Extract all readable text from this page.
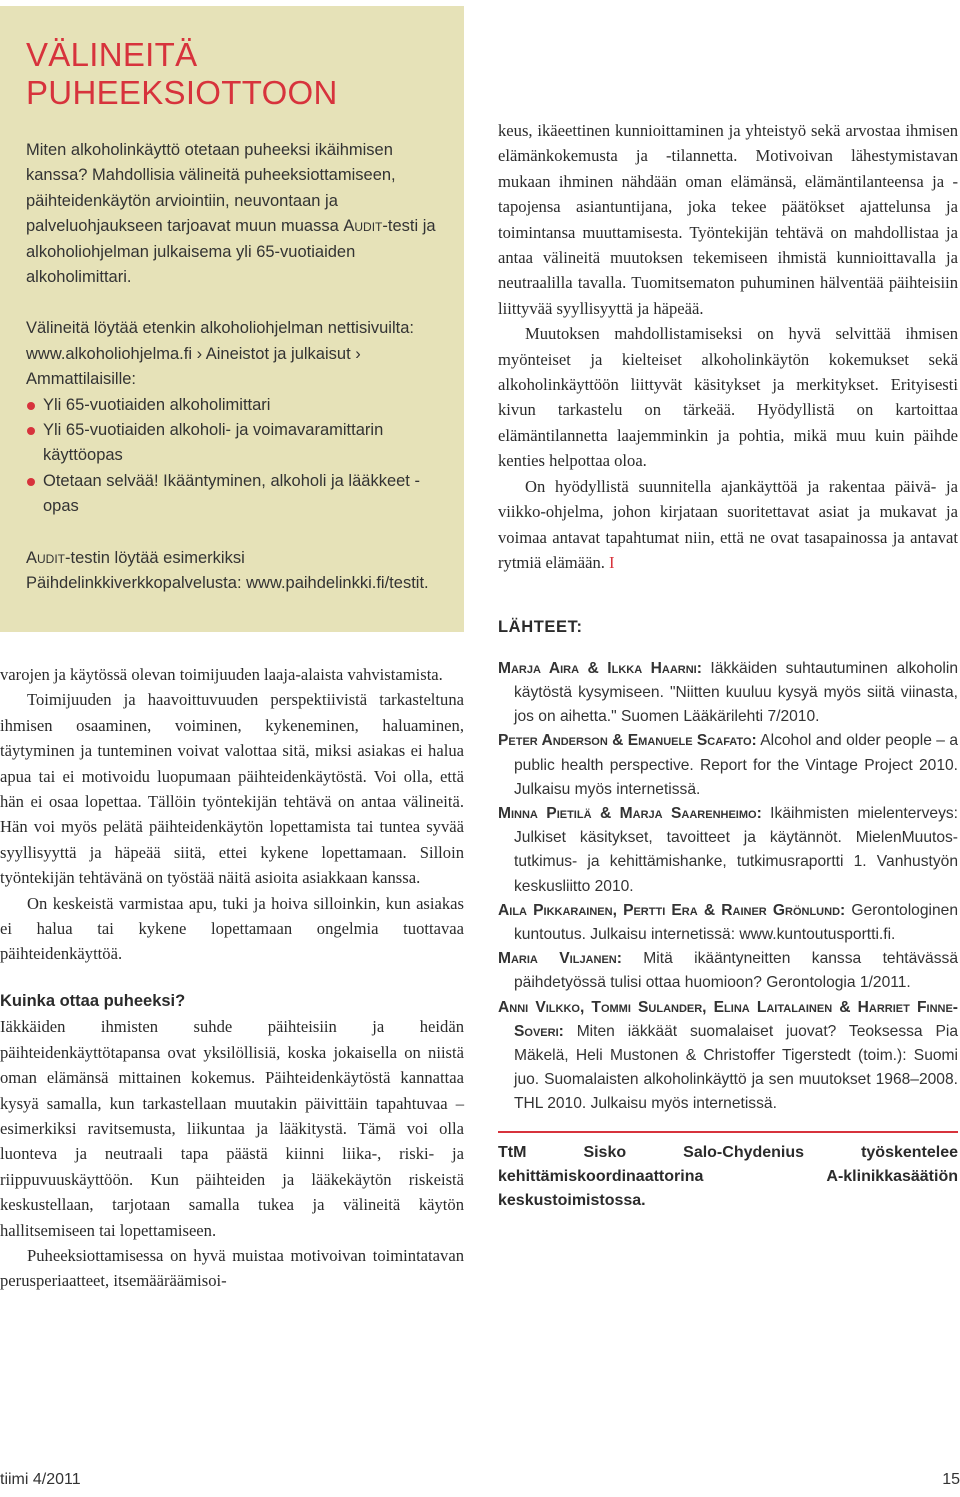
VÄLINEITÄ
PUHEEKSIOTTOON

Miten alkoholinkäyttö otetaan puheeksi ikäihmisen kanssa? Mahdollisia välineitä puheeksiottamiseen, päihteidenkäytön arviointiin, neuvontaan ja palveluohjaukseen tarjoavat muun muassa Audit-testi ja alkoholiohjelman julkaisema yli 65-vuotiaiden alkoholimittari.

Välineitä löytää etenkin alkoholiohjelman nettisivuilta: www.alkoholiohjelma.fi › Aineistot ja julkaisut › Ammattilaisille:

Yli 65-vuotiaiden alkoholimittari
Yli 65-vuotiaiden alkoholi- ja voimavaramittarin käyttöopas
Otetaan selvää! Ikääntyminen, alkoholi ja lääkkeet -opas

Audit-testin löytää esimerkiksi Päihdelinkkiverkkopalvelusta: www.paihdelinkki.fi/testit.

varojen ja käytössä olevan toimijuuden laaja-alaista vahvistamista.

Toimijuuden ja haavoittuvuuden perspektiivistä tarkasteltuna ihmisen osaaminen, voiminen, kykeneminen, haluaminen, täytyminen ja tunteminen voivat valottaa sitä, miksi asiakas ei halua apua tai ei motivoidu luopumaan päihteidenkäytöstä. Voi olla, että hän ei osaa lopettaa. Tällöin työntekijän tehtävä on antaa välineitä. Hän voi myös pelätä päihteidenkäytön lopettamista tai tuntea syvää syyllisyyttä ja häpeää siitä, ettei kykene lopettamaan. Silloin työntekijän tehtävänä on työstää näitä asioita asiakkaan kanssa.

On keskeistä varmistaa apu, tuki ja hoiva silloinkin, kun asiakas ei halua tai kykene lopettamaan ongelmia tuottavaa päihteidenkäyttöä.

Kuinka ottaa puheeksi?

Iäkkäiden ihmisten suhde päihteisiin ja heidän päihteidenkäyttötapansa ovat yksilöllisiä, koska jokaisella on niistä oman elämänsä mittainen kokemus. Päihteidenkäytöstä kannattaa kysyä samalla, kun tarkastellaan muutakin päivittäin tapahtuvaa – esimerkiksi ravitsemusta, liikuntaa ja lääkitystä. Tämä voi olla luonteva ja neutraali tapa päästä kiinni liika-, riski- ja riippuvuuskäyttöön. Kun päihteiden ja lääkekäytön riskeistä keskustellaan, tarjotaan samalla tukea ja välineitä käytön hallitsemiseen tai lopettamiseen.

Puheeksiottamisessa on hyvä muistaa motivoivan toimintatavan perusperiaatteet, itsemääräämisoi-

keus, ikäeettinen kunnioittaminen ja yhteistyö sekä arvostaa ihmisen elämänkokemusta ja -tilannetta. Motivoivan lähestymistavan mukaan ihminen nähdään oman elämänsä, elämäntilanteensa ja -tapojensa asiantuntijana, joka tekee päätökset ajattelunsa ja toimintansa muuttamisesta. Työntekijän tehtävä on mahdollistaa ja antaa välineitä muutoksen tekemiseen ihmistä kunnioittavalla ja neutraalilla tavalla. Tuomitsematon puhuminen hälventää päihteisiin liittyvää syyllisyyttä ja häpeää.

Muutoksen mahdollistamiseksi on hyvä selvittää ihmisen myönteiset ja kielteiset alkoholinkäytön kokemukset sekä alkoholinkäyttöön liittyvät käsitykset ja merkitykset. Erityisesti kivun tarkastelu on tärkeää. Hyödyllistä on kartoittaa elämäntilannetta laajemminkin ja pohtia, mikä muu kuin päihde kenties helpottaa oloa.

On hyödyllistä suunnitella ajankäyttöä ja rakentaa päivä- ja viikko-ohjelma, johon kirjataan suoritettavat asiat ja mukavat ja voimaa antavat tapahtumat niin, että ne ovat tasapainossa ja antavat rytmiä elämään. I

LÄHTEET:

Marja Aira & Ilkka Haarni: Iäkkäiden suhtautuminen alkoholin käytöstä kysymiseen. "Niitten kuuluu kysyä myös siitä viinasta, jos on aihetta." Suomen Lääkärilehti 7/2010.

Peter Anderson & Emanuele Scafato: Alcohol and older people – a public health perspective. Report for the Vintage Project 2010. Julkaisu myös internetissä.

Minna Pietilä & Marja Saarenheimo: Ikäihmisten mielenterveys: Julkiset käsitykset, tavoitteet ja käytännöt. MielenMuutos-tutkimus- ja kehittämishanke, tutkimusraportti 1. Vanhustyön keskusliitto 2010.

Aila Pikkarainen, Pertti Era & Rainer Grönlund: Gerontologinen kuntoutus. Julkaisu internetissä: www.kuntoutusportti.fi.

Maria Viljanen: Mitä ikääntyneitten kanssa tehtävässä päihdetyössä tulisi ottaa huomioon? Gerontologia 1/2011.

Anni Vilkko, Tommi Sulander, Elina Laitalainen & Harriet Finne-Soveri: Miten iäkkäät suomalaiset juovat? Teoksessa Pia Mäkelä, Heli Mustonen & Christoffer Tigerstedt (toim.): Suomi juo. Suomalaisten alkoholinkäyttö ja sen muutokset 1968–2008. THL 2010. Julkaisu myös internetissä.

TtM Sisko Salo-Chydenius työskentelee kehittämiskoordinaattorina A-klinikkasäätiön keskustoimistossa.

tiimi 4/2011	15
